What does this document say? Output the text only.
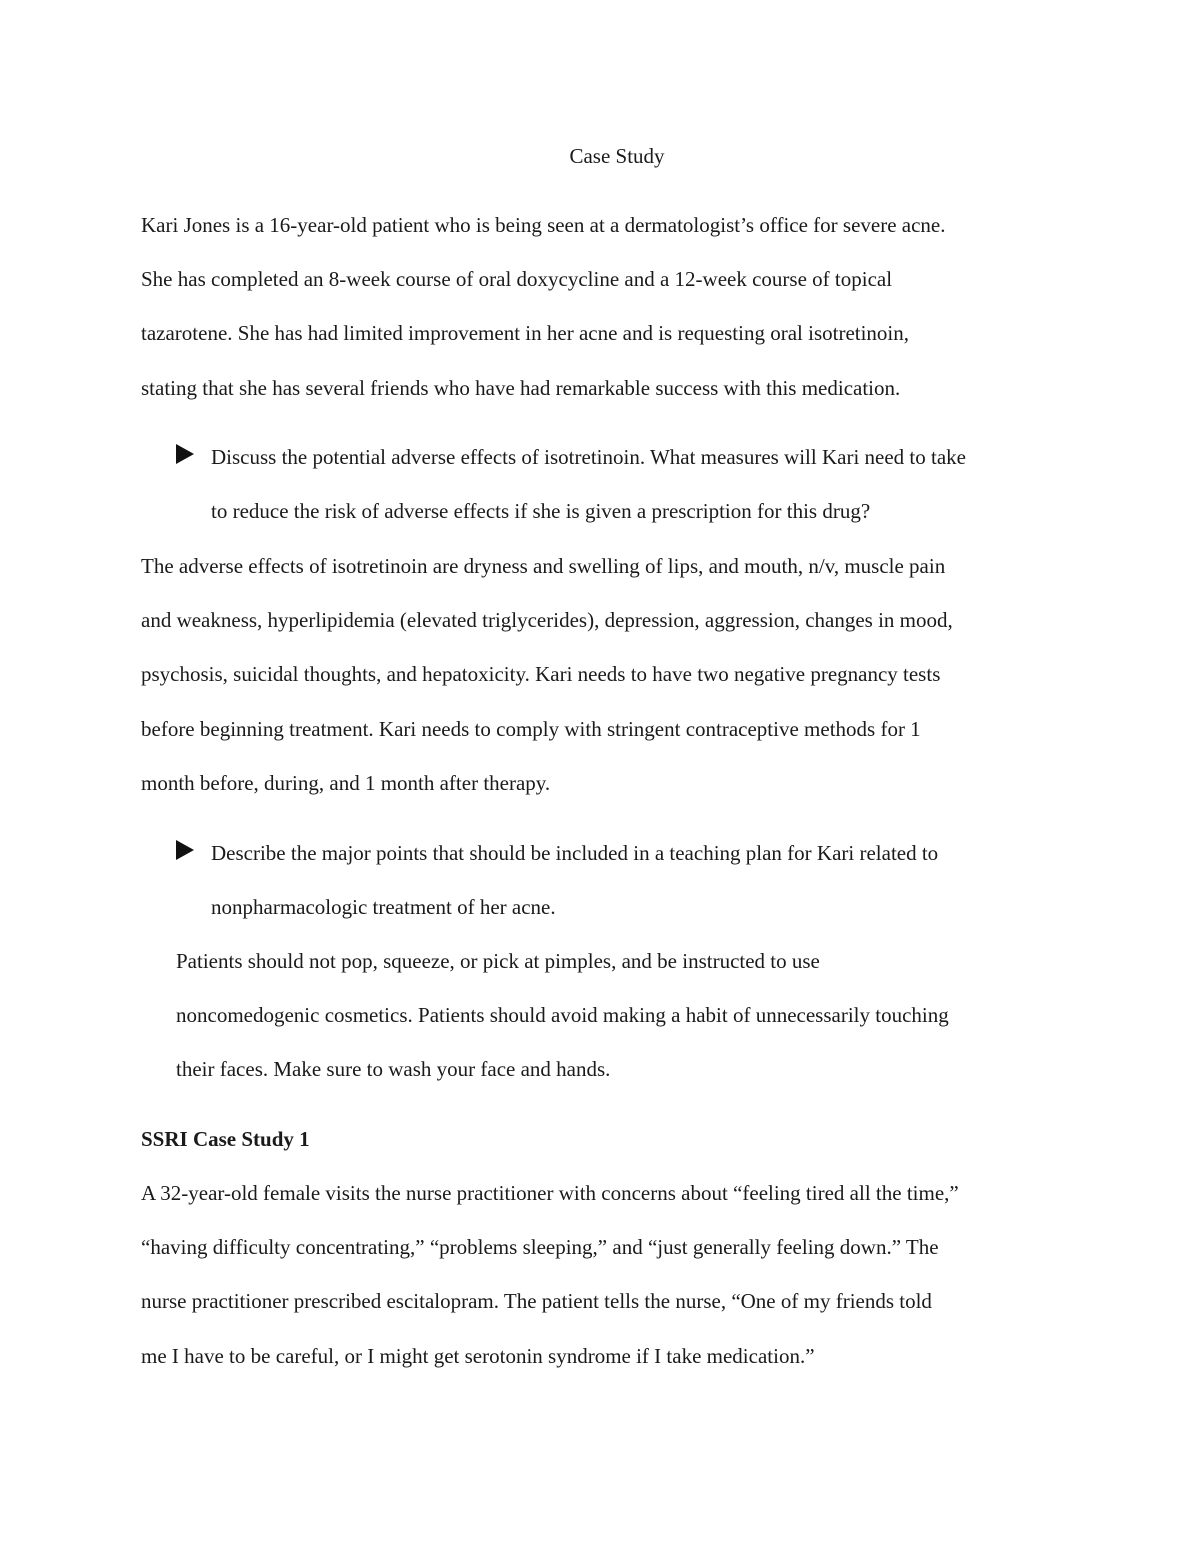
Case Study

Kari Jones is a 16-year-old patient who is being seen at a dermatologist’s office for severe acne.
She has completed an 8-week course of oral doxycycline and a 12-week course of topical
tazarotene. She has had limited improvement in her acne and is requesting oral isotretinoin,
stating that she has several friends who have had remarkable success with this medication.

Discuss the potential adverse effects of isotretinoin. What measures will Kari need to take
to reduce the risk of adverse effects if she is given a prescription for this drug?

The adverse effects of isotretinoin are dryness and swelling of lips, and mouth, n/v, muscle pain
and weakness, hyperlipidemia (elevated triglycerides), depression, aggression, changes in mood,
psychosis, suicidal thoughts, and hepatoxicity. Kari needs to have two negative pregnancy tests
before beginning treatment. Kari needs to comply with stringent contraceptive methods for 1
month before, during, and 1 month after therapy.

Describe the major points that should be included in a teaching plan for Kari related to
nonpharmacologic treatment of her acne.

Patients should not pop, squeeze, or pick at pimples, and be instructed to use
noncomedogenic cosmetics. Patients should avoid making a habit of unnecessarily touching
their faces. Make sure to wash your face and hands.

SSRI Case Study 1

A 32-year-old female visits the nurse practitioner with concerns about “feeling tired all the time,”
“having difficulty concentrating,” “problems sleeping,” and “just generally feeling down.” The
nurse practitioner prescribed escitalopram. The patient tells the nurse, “One of my friends told
me I have to be careful, or I might get serotonin syndrome if I take medication.”
